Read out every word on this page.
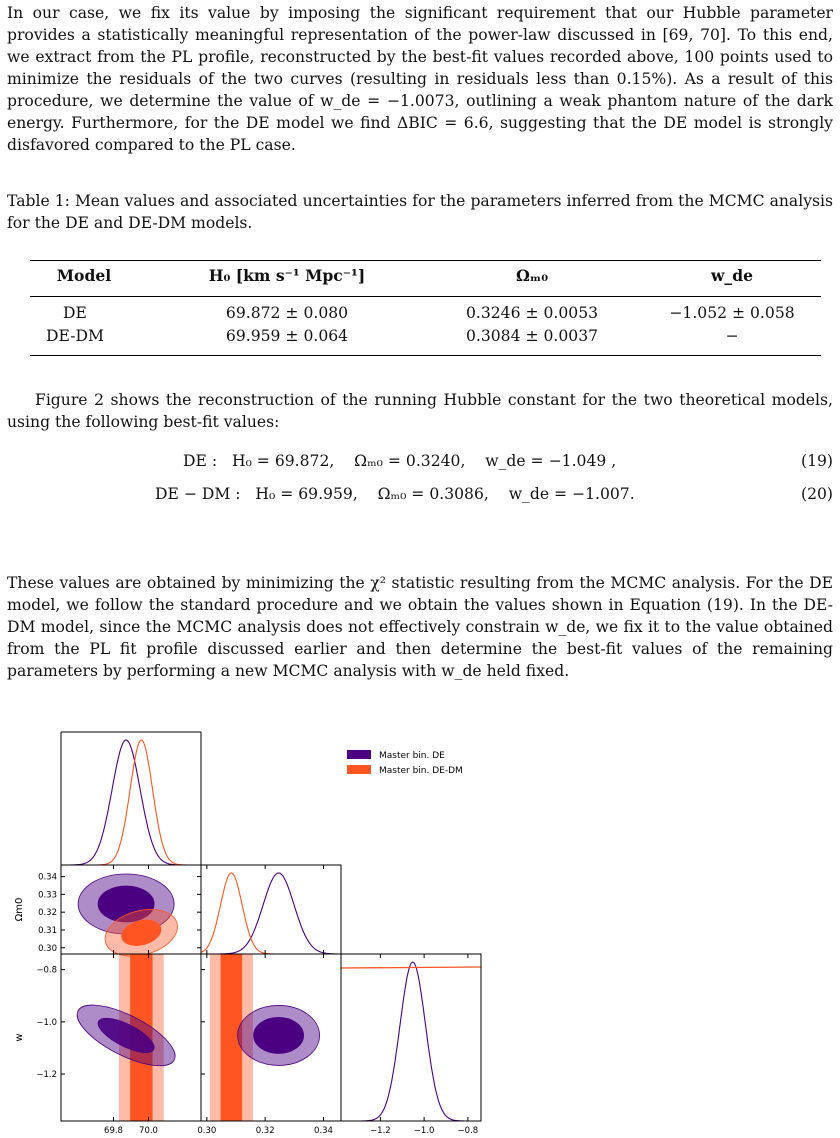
In our case, we fix its value by imposing the significant requirement that our Hubble parameter provides a statistically meaningful representation of the power-law discussed in [69, 70]. To this end, we extract from the PL profile, reconstructed by the best-fit values recorded above, 100 points used to minimize the residuals of the two curves (resulting in residuals less than 0.15%). As a result of this procedure, we determine the value of w_de = −1.0073, outlining a weak phantom nature of the dark energy. Furthermore, for the DE model we find ΔBIC = 6.6, suggesting that the DE model is strongly disfavored compared to the PL case.
Table 1: Mean values and associated uncertainties for the parameters inferred from the MCMC analysis for the DE and DE-DM models.
Model	H₀ [km s⁻¹ Mpc⁻¹]	Ωₘ₀	w_de
DE	69.872 ± 0.080	0.3246 ± 0.0053	−1.052 ± 0.058
DE-DM	69.959 ± 0.064	0.3084 ± 0.0037	−
Figure 2 shows the reconstruction of the running Hubble constant for the two theoretical models, using the following best-fit values:
DE : H₀ = 69.872, Ωₘ₀ = 0.3240, w_de = −1.049 ,	(19)
DE − DM : H₀ = 69.959, Ωₘ₀ = 0.3086, w_de = −1.007.	(20)
These values are obtained by minimizing the χ² statistic resulting from the MCMC analysis. For the DE model, we follow the standard procedure and we obtain the values shown in Equation (19). In the DE-DM model, since the MCMC analysis does not effectively constrain w_de, we fix it to the value obtained from the PL fit profile discussed earlier and then determine the best-fit values of the remaining parameters by performing a new MCMC analysis with w_de held fixed.
69.8 70.0	0.30	0.32	0.34	−1.2	−1.0	−0.8
0.34
0.33
0.32
0.31
0.30
−0.8
−1.0
−1.2
Ωm0
w
Master bin. DE
Master bin. DE-DM
